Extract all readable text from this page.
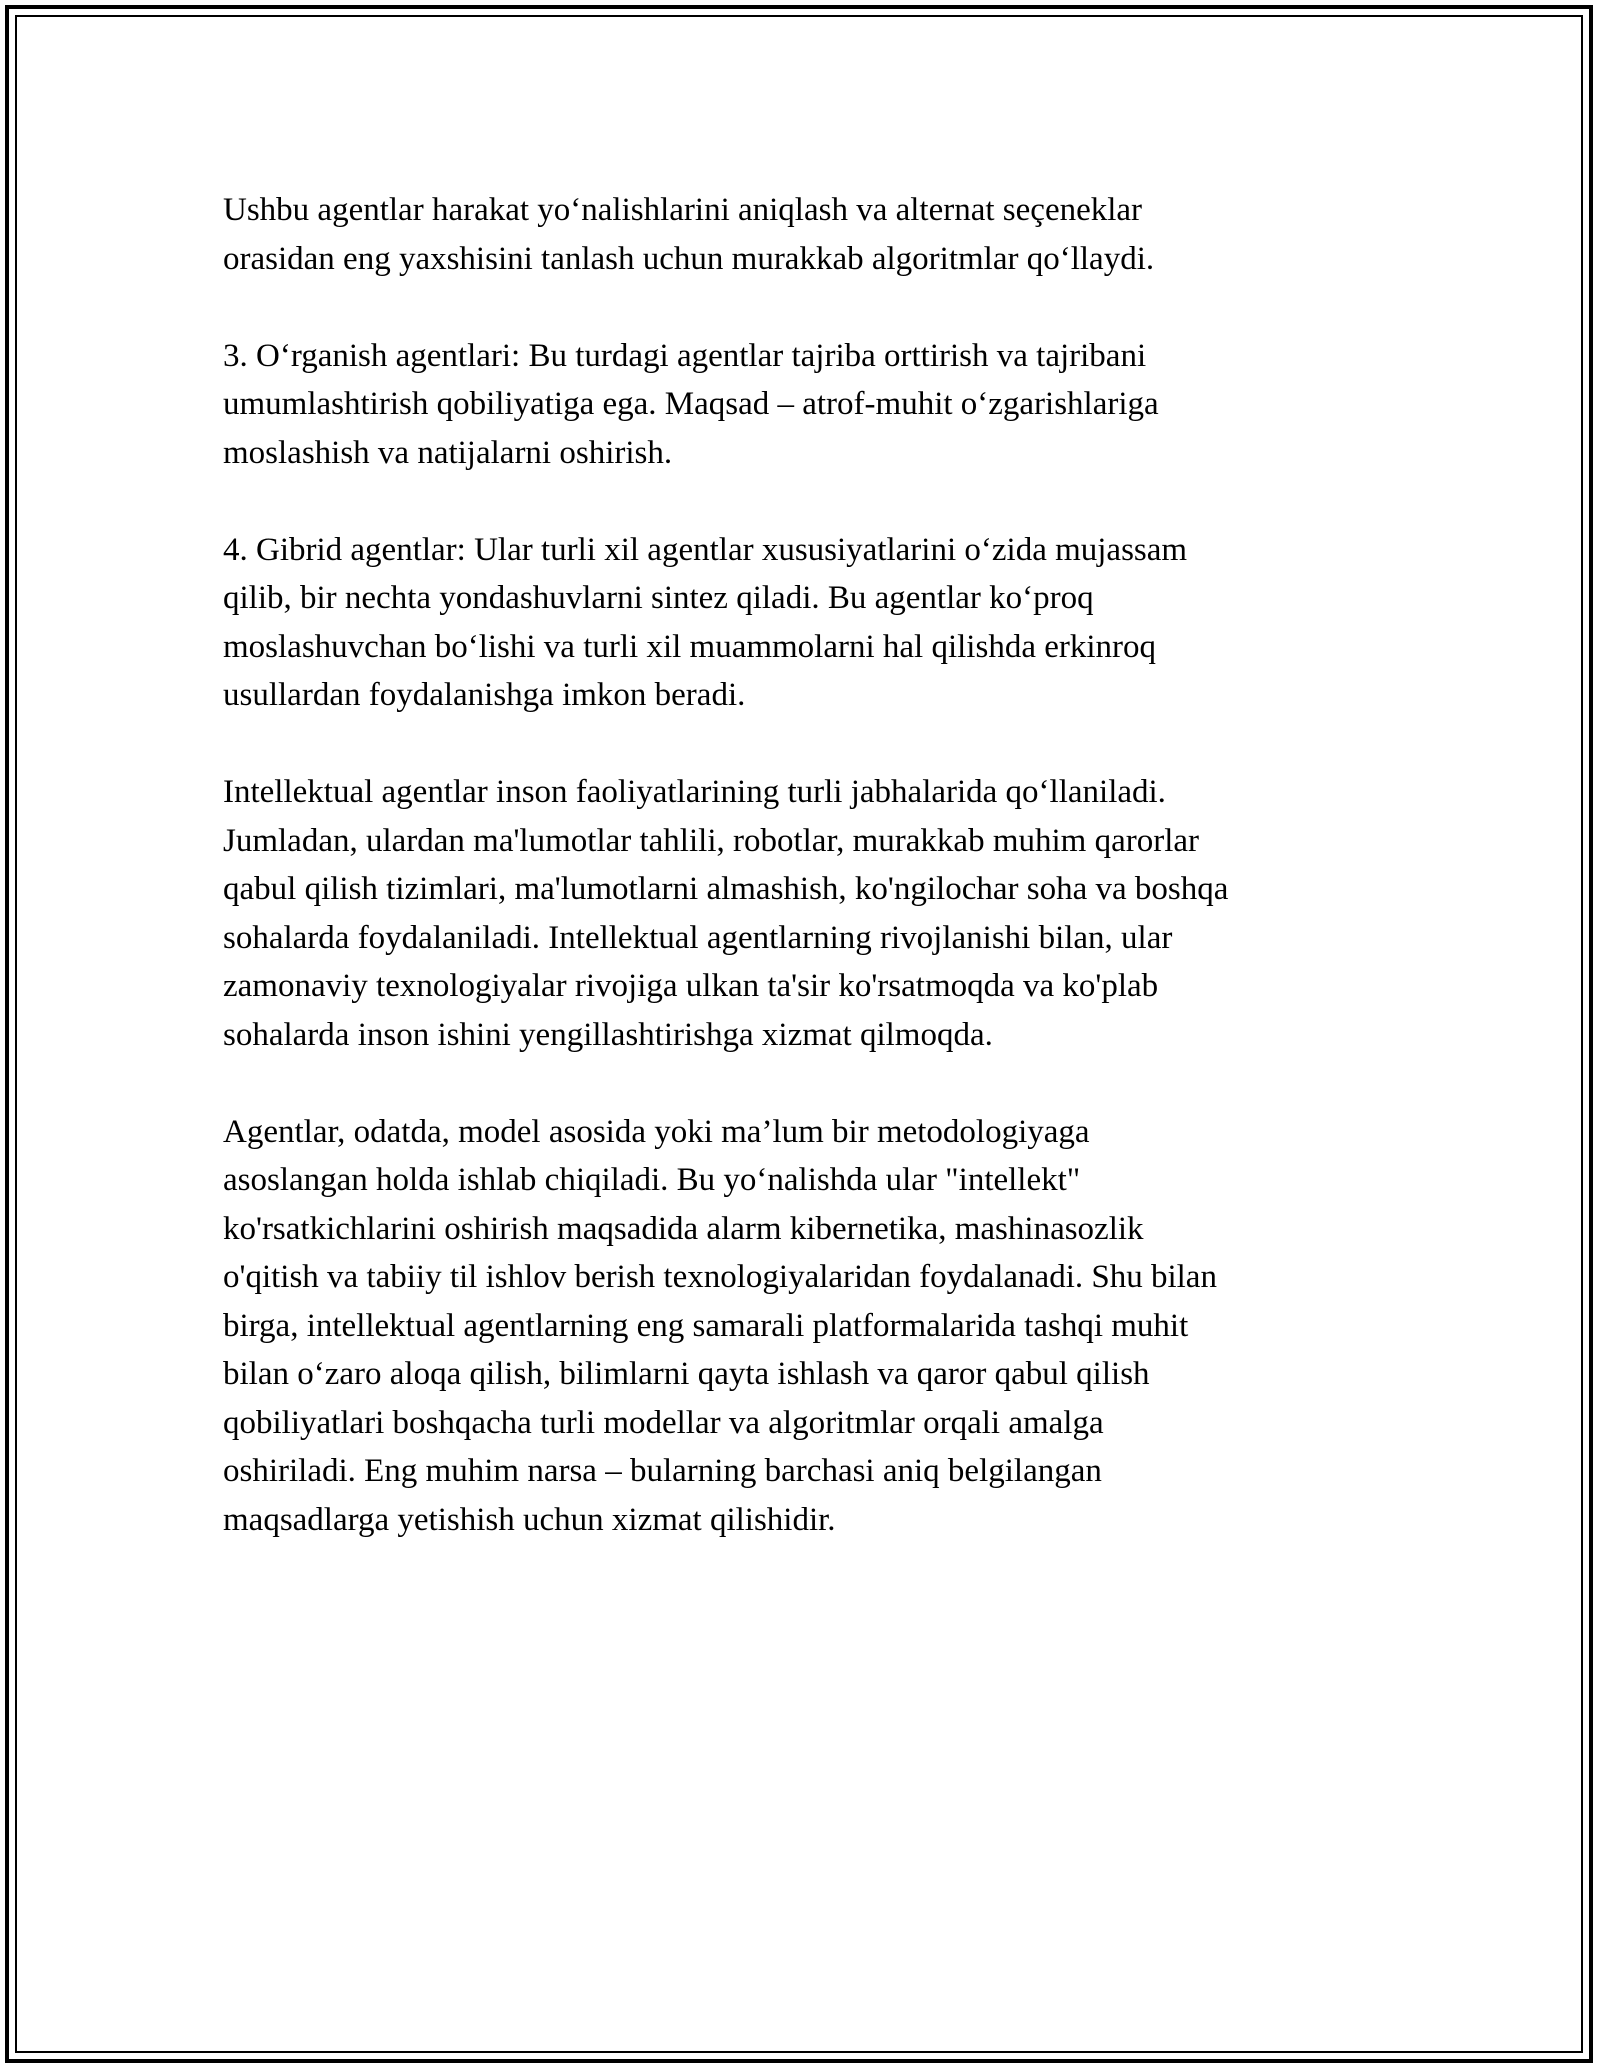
Ushbu agentlar harakat yo‘nalishlarini aniqlash va alternat seçeneklar
orasidan eng yaxshisini tanlash uchun murakkab algoritmlar qo‘llaydi.

3. O‘rganish agentlari: Bu turdagi agentlar tajriba orttirish va tajribani
umumlashtirish qobiliyatiga ega. Maqsad – atrof-muhit o‘zgarishlariga
moslashish va natijalarni oshirish.

4. Gibrid agentlar: Ular turli xil agentlar xususiyatlarini o‘zida mujassam
qilib, bir nechta yondashuvlarni sintez qiladi. Bu agentlar ko‘proq
moslashuvchan bo‘lishi va turli xil muammolarni hal qilishda erkinroq
usullardan foydalanishga imkon beradi.

Intellektual agentlar inson faoliyatlarining turli jabhalarida qo‘llaniladi.
Jumladan, ulardan ma'lumotlar tahlili, robotlar, murakkab muhim qarorlar
qabul qilish tizimlari, ma'lumotlarni almashish, ko'ngilochar soha va boshqa
sohalarda foydalaniladi. Intellektual agentlarning rivojlanishi bilan, ular
zamonaviy texnologiyalar rivojiga ulkan ta'sir ko'rsatmoqda va ko'plab
sohalarda inson ishini yengillashtirishga xizmat qilmoqda.

Agentlar, odatda, model asosida yoki ma’lum bir metodologiyaga
asoslangan holda ishlab chiqiladi. Bu yo‘nalishda ular "intellekt"
ko'rsatkichlarini oshirish maqsadida alarm kibernetika, mashinasozlik
o'qitish va tabiiy til ishlov berish texnologiyalaridan foydalanadi. Shu bilan
birga, intellektual agentlarning eng samarali platformalarida tashqi muhit
bilan o‘zaro aloqa qilish, bilimlarni qayta ishlash va qaror qabul qilish
qobiliyatlari boshqacha turli modellar va algoritmlar orqali amalga
oshiriladi. Eng muhim narsa – bularning barchasi aniq belgilangan
maqsadlarga yetishish uchun xizmat qilishidir.
